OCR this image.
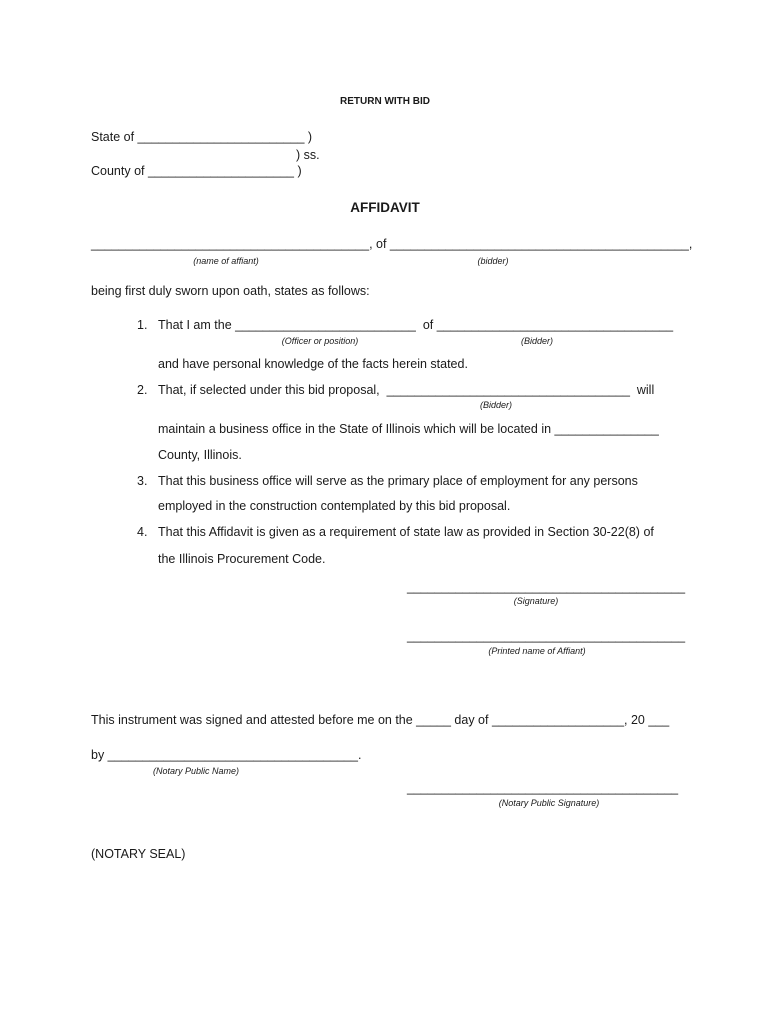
RETURN WITH BID
State of ________________________ )
) ss.
County of _____________________ )
AFFIDAVIT
________________________________________, of ___________________________________________,
(name of affiant)	(bidder)
being first duly sworn upon oath, states as follows:
1. That I am the __________________________  of __________________________________
(Officer or position)	(Bidder)
and have personal knowledge of the facts herein stated.
2. That, if selected under this bid proposal,  ___________________________________  will
(Bidder)
maintain a business office in the State of Illinois which will be located in _______________
County, Illinois.
3. That this business office will serve as the primary place of employment for any persons
employed in the construction contemplated by this bid proposal.
4. That this Affidavit is given as a requirement of state law as provided in Section 30-22(8) of
the Illinois Procurement Code.
________________________________________
(Signature)
________________________________________
(Printed name of Affiant)
This instrument was signed and attested before me on the _____ day of ___________________, 20 ___
by ____________________________________.
(Notary Public Name)
_______________________________________
(Notary Public Signature)
(NOTARY SEAL)
